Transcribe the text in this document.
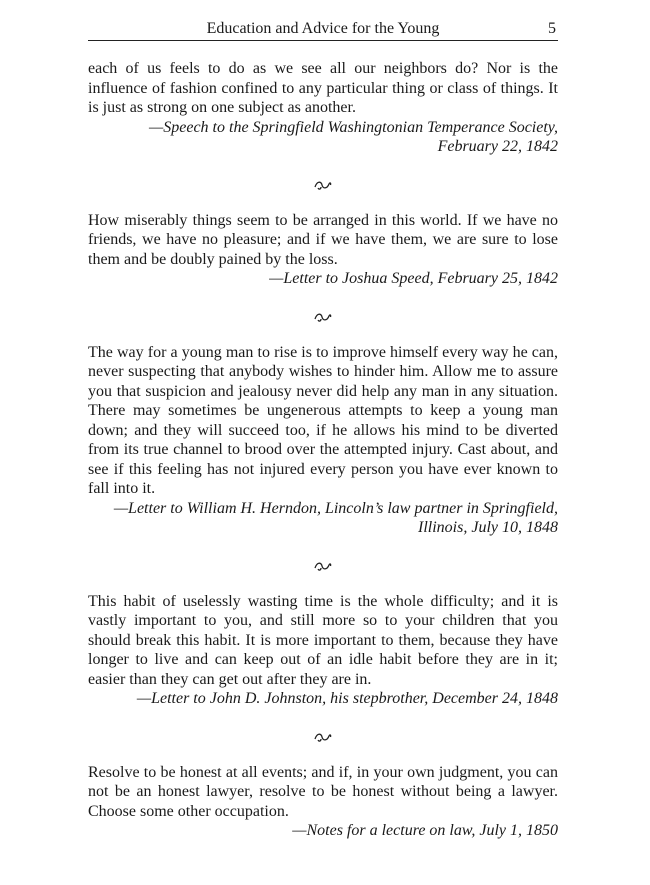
Education and Advice for the Young	5

each of us feels to do as we see all our neighbors do? Nor is the influence of fashion confined to any particular thing or class of things. It is just as strong on one subject as another.

—Speech to the Springfield Washingtonian Temperance Society,

February 22, 1842

How miserably things seem to be arranged in this world. If we have no friends, we have no pleasure; and if we have them, we are sure to lose them and be doubly pained by the loss.

—Letter to Joshua Speed, February 25, 1842

The way for a young man to rise is to improve himself every way he can, never suspecting that anybody wishes to hinder him. Allow me to assure you that suspicion and jealousy never did help any man in any situation. There may sometimes be ungenerous attempts to keep a young man down; and they will succeed too, if he allows his mind to be diverted from its true channel to brood over the attempted injury. Cast about, and see if this feeling has not injured every person you have ever known to fall into it.

—Letter to William H. Herndon, Lincoln’s law partner in Springfield,

Illinois, July 10, 1848

This habit of uselessly wasting time is the whole difficulty; and it is vastly important to you, and still more so to your children that you should break this habit. It is more important to them, because they have longer to live and can keep out of an idle habit before they are in it; easier than they can get out after they are in.

—Letter to John D. Johnston, his stepbrother, December 24, 1848

Resolve to be honest at all events; and if, in your own judgment, you can not be an honest lawyer, resolve to be honest without being a lawyer. Choose some other occupation.

—Notes for a lecture on law, July 1, 1850
